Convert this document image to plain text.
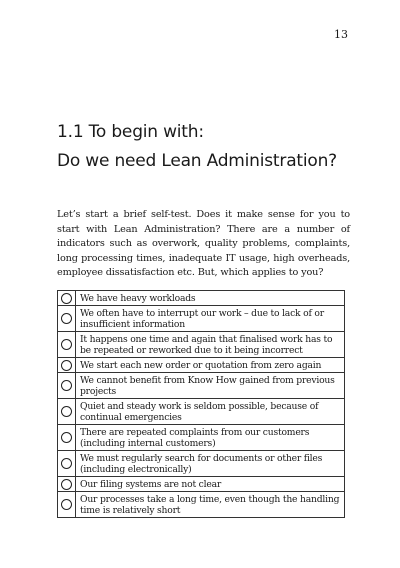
13
1.1 To begin with:
Do we need Lean Administration?

Let’s start a brief self-test. Does it make sense for you to start with Lean Administration? There are a number of indicators such as overwork, quality problems, complaints, long processing times, inadequate IT usage, high overheads, employee dissatisfaction etc. But, which applies to you?

	We have heavy workloads
	We often have to interrupt our work – due to lack of or insufficient information
	It happens one time and again that finalised work has to be repeated or reworked due to it being incorrect
	We start each new order or quotation from zero again
	We cannot benefit from Know How gained from previous projects
	Quiet and steady work is seldom possible, because of continual emergencies
	There are repeated complaints from our customers (including internal customers)
	We must regularly search for documents or other files (including electronically)
	Our filing systems are not clear
	Our processes take a long time, even though the handling time is relatively short
